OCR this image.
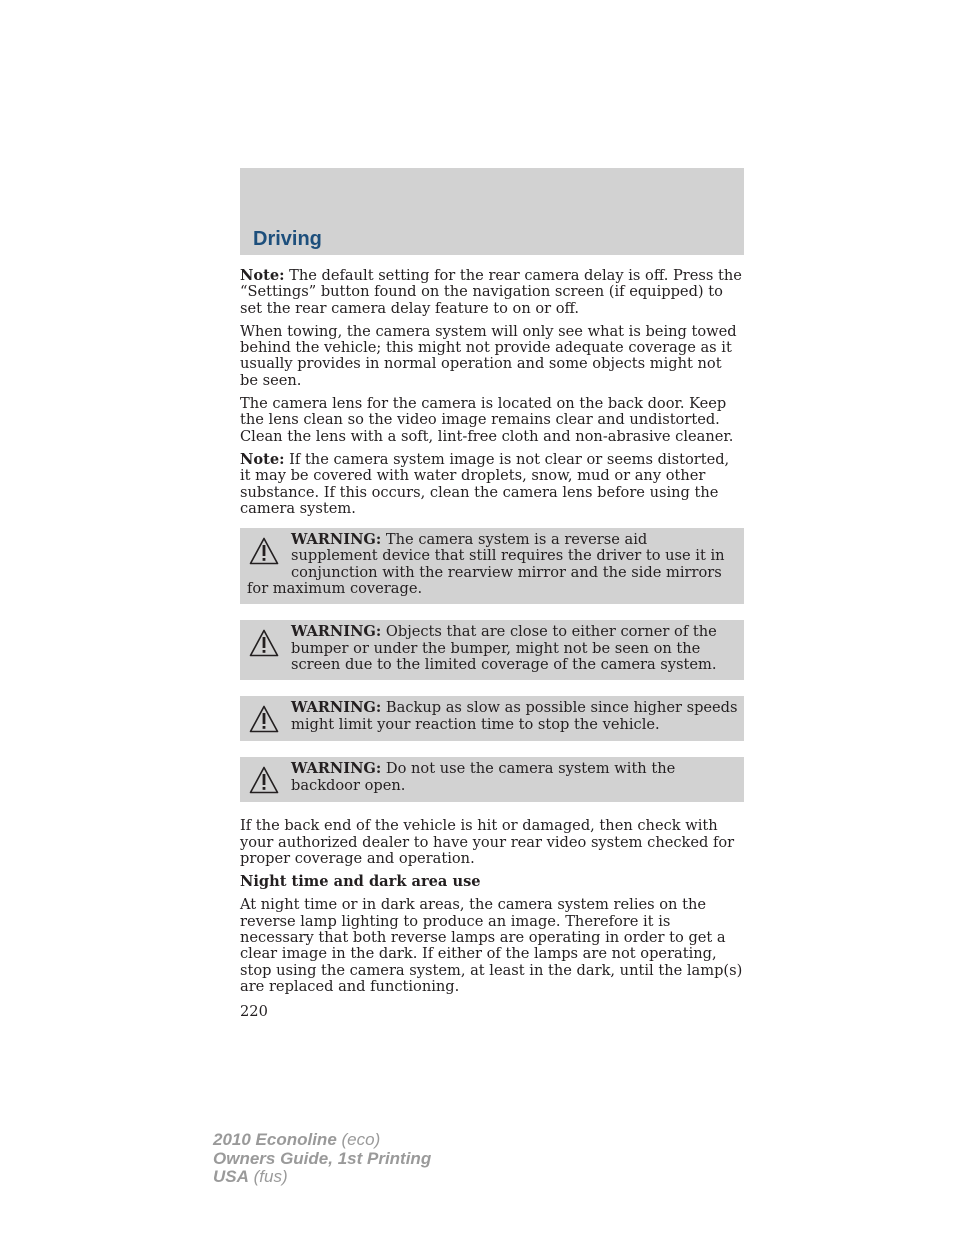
Driving

Note: The default setting for the rear camera delay is off. Press the “Settings” button found on the navigation screen (if equipped) to set the rear camera delay feature to on or off.

When towing, the camera system will only see what is being towed behind the vehicle; this might not provide adequate coverage as it usually provides in normal operation and some objects might not be seen.

The camera lens for the camera is located on the back door. Keep the lens clean so the video image remains clear and undistorted. Clean the lens with a soft, lint-free cloth and non-abrasive cleaner.

Note: If the camera system image is not clear or seems distorted, it may be covered with water droplets, snow, mud or any other substance. If this occurs, clean the camera lens before using the camera system.

WARNING: The camera system is a reverse aid supplement device that still requires the driver to use it in conjunction with the rearview mirror and the side mirrors for maximum coverage.
WARNING: Objects that are close to either corner of the bumper or under the bumper, might not be seen on the screen due to the limited coverage of the camera system.
WARNING: Backup as slow as possible since higher speeds might limit your reaction time to stop the vehicle.
WARNING: Do not use the camera system with the backdoor open.

If the back end of the vehicle is hit or damaged, then check with your authorized dealer to have your rear video system checked for proper coverage and operation.

Night time and dark area use

At night time or in dark areas, the camera system relies on the reverse lamp lighting to produce an image. Therefore it is necessary that both reverse lamps are operating in order to get a clear image in the dark. If either of the lamps are not operating, stop using the camera system, at least in the dark, until the lamp(s) are replaced and functioning.

220
2010 Econoline (eco)
Owners Guide, 1st Printing
USA (fus)
